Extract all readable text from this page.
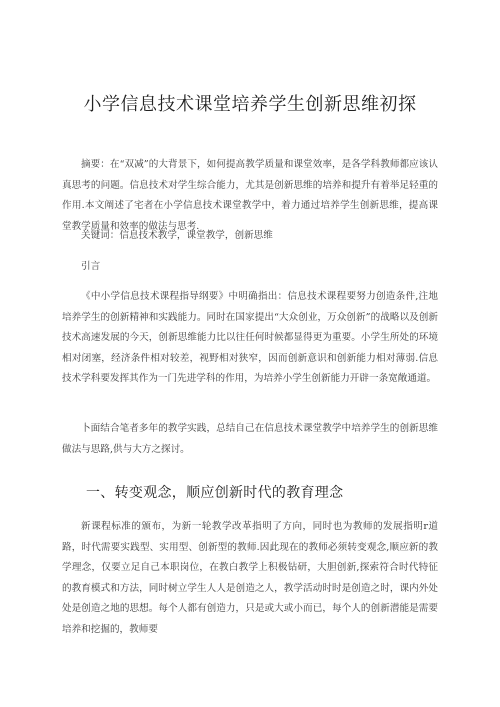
小学信息技术课堂培养学生创新思维初探

摘要：在“双减”的大背景下，如何提高教学质量和课堂效率，是各学科教师都应该认真思考的问题。信息技术对学生综合能力，尤其是创新思维的培养和提升有着举足轻重的作用.本文阐述了宅者在小学信息技术课堂教学中，着力通过培养学生创新思维，提高课堂教学质量和效率的做法与思考.

关键词：信息技术教学，课堂教学，创新思维

引言

《中小学信息技术课程指导纲要》中明确指出：信息技术课程要努力创造条件,注地培养学生的创新精神和实践能力。同时在国家提出“大众创业，万众创新”的战略以及创新技术高速发展的今天，创新思维能力比以往任何时候都显得更为重要。小学生所处的环境相对闭塞，经济条件相对较差，视野相对狭窄，因而创新意识和创新能力相对薄弱.信息技术学科要发挥其作为一门先进学科的作用，为培养小学生创新能力开辟一条宽敞通道。

卜面结合笔者多年的教学实践，总结自己在信息技术课堂教学中培养学生的创新思维做法与思路,供与大方之探讨。

一、转变观念，顺应创新时代的教育理念

新课程标准的颁布，为新一轮教学改革指明了方向，同时也为教师的发展指明r道路，时代需要实践型、实用型、创新型的教师.因此现在的教师必须转变观念,顺应新的教学理念，仅要立足自己本职岗位，在教白教学上积极钻研，大胆创新,探索符合时代特征的教育模式和方法，同时树立学生人人是创造之人，教学活动时时是创造之时，课内外处处是创造之地的思想。每个人都有创造力，只是或大或小而已，每个人的创新潜能是需要培养和挖掘的，教师要
